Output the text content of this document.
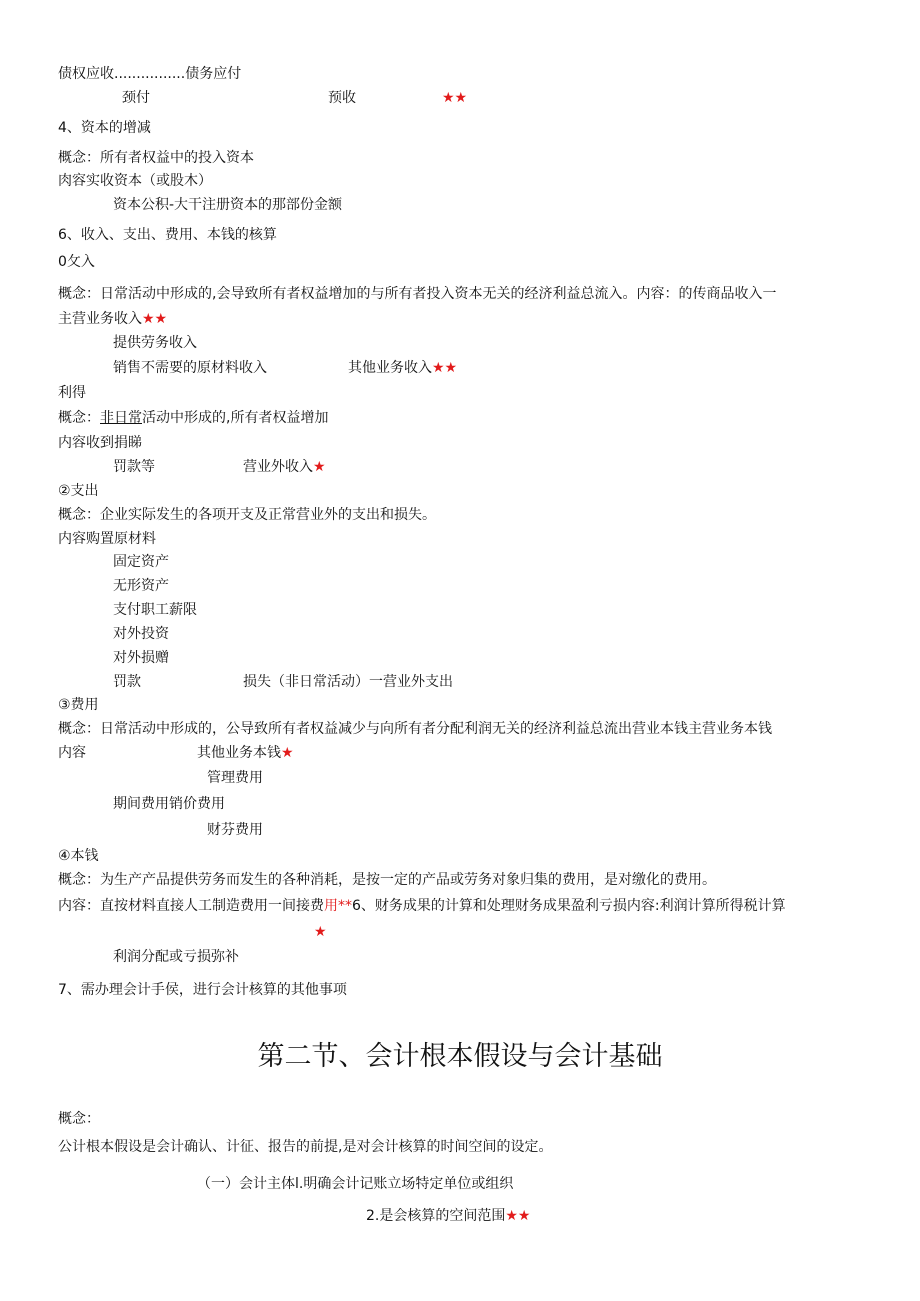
债权应收................债务应付
颈付	预收	★★
4、资本的增减
概念：所有者权益中的投入资本
肉容实收资本（或股木）
资本公积-大干注册资本的那部份金额
6、收入、支出、费用、本钱的核算
0攵入
概念：日常活动中形成的,会导致所有者权益增加的与所有者投入资本无关的经济利益总流入。内容：的传商品收入一
主营业务收入★★
提供劳务收入
销售不需要的原材料收入	其他业务收入★★
利得
概念：非日常活动中形成的,所有者权益增加
内容收到捐睇
罚款等	营业外收入★
②支出
概念：企业实际发生的各项开支及正常营业外的支出和损失。
内容购置原材料
固定资产
无形资产
支付职工薪限
对外投资
对外损赠
罚款	损失（非日常活动）一营业外支出
③费用
概念：日常活动中形成的，公导致所有者权益减少与向所有者分配利润无关的经济利益总流出营业本钱主营业务本钱
内容	其他业务本钱★
管理费用
期间费用销价费用
财芬费用
④本钱
概念：为生产产品提供劳务而发生的各种消耗，是按一定的产品或劳务对象归集的费用，是对缴化的费用。
内容：直按材料直接人工制造费用一间接费用**6、财务成果的计算和处理财务成果盈利亏损内容:利润计算所得税计算
★
利润分配或亏损弥补
7、需办理会计手侯，进行会计核算的其他事项
第二节、会计根本假设与会计基础
概念：
公计根本假设是会计确认、计征、报告的前提,是对会计核算的时间空间的设定。
（一）会计主体l.明确会计记账立场特定单位或组织
2.是会核算的空间范围★★
